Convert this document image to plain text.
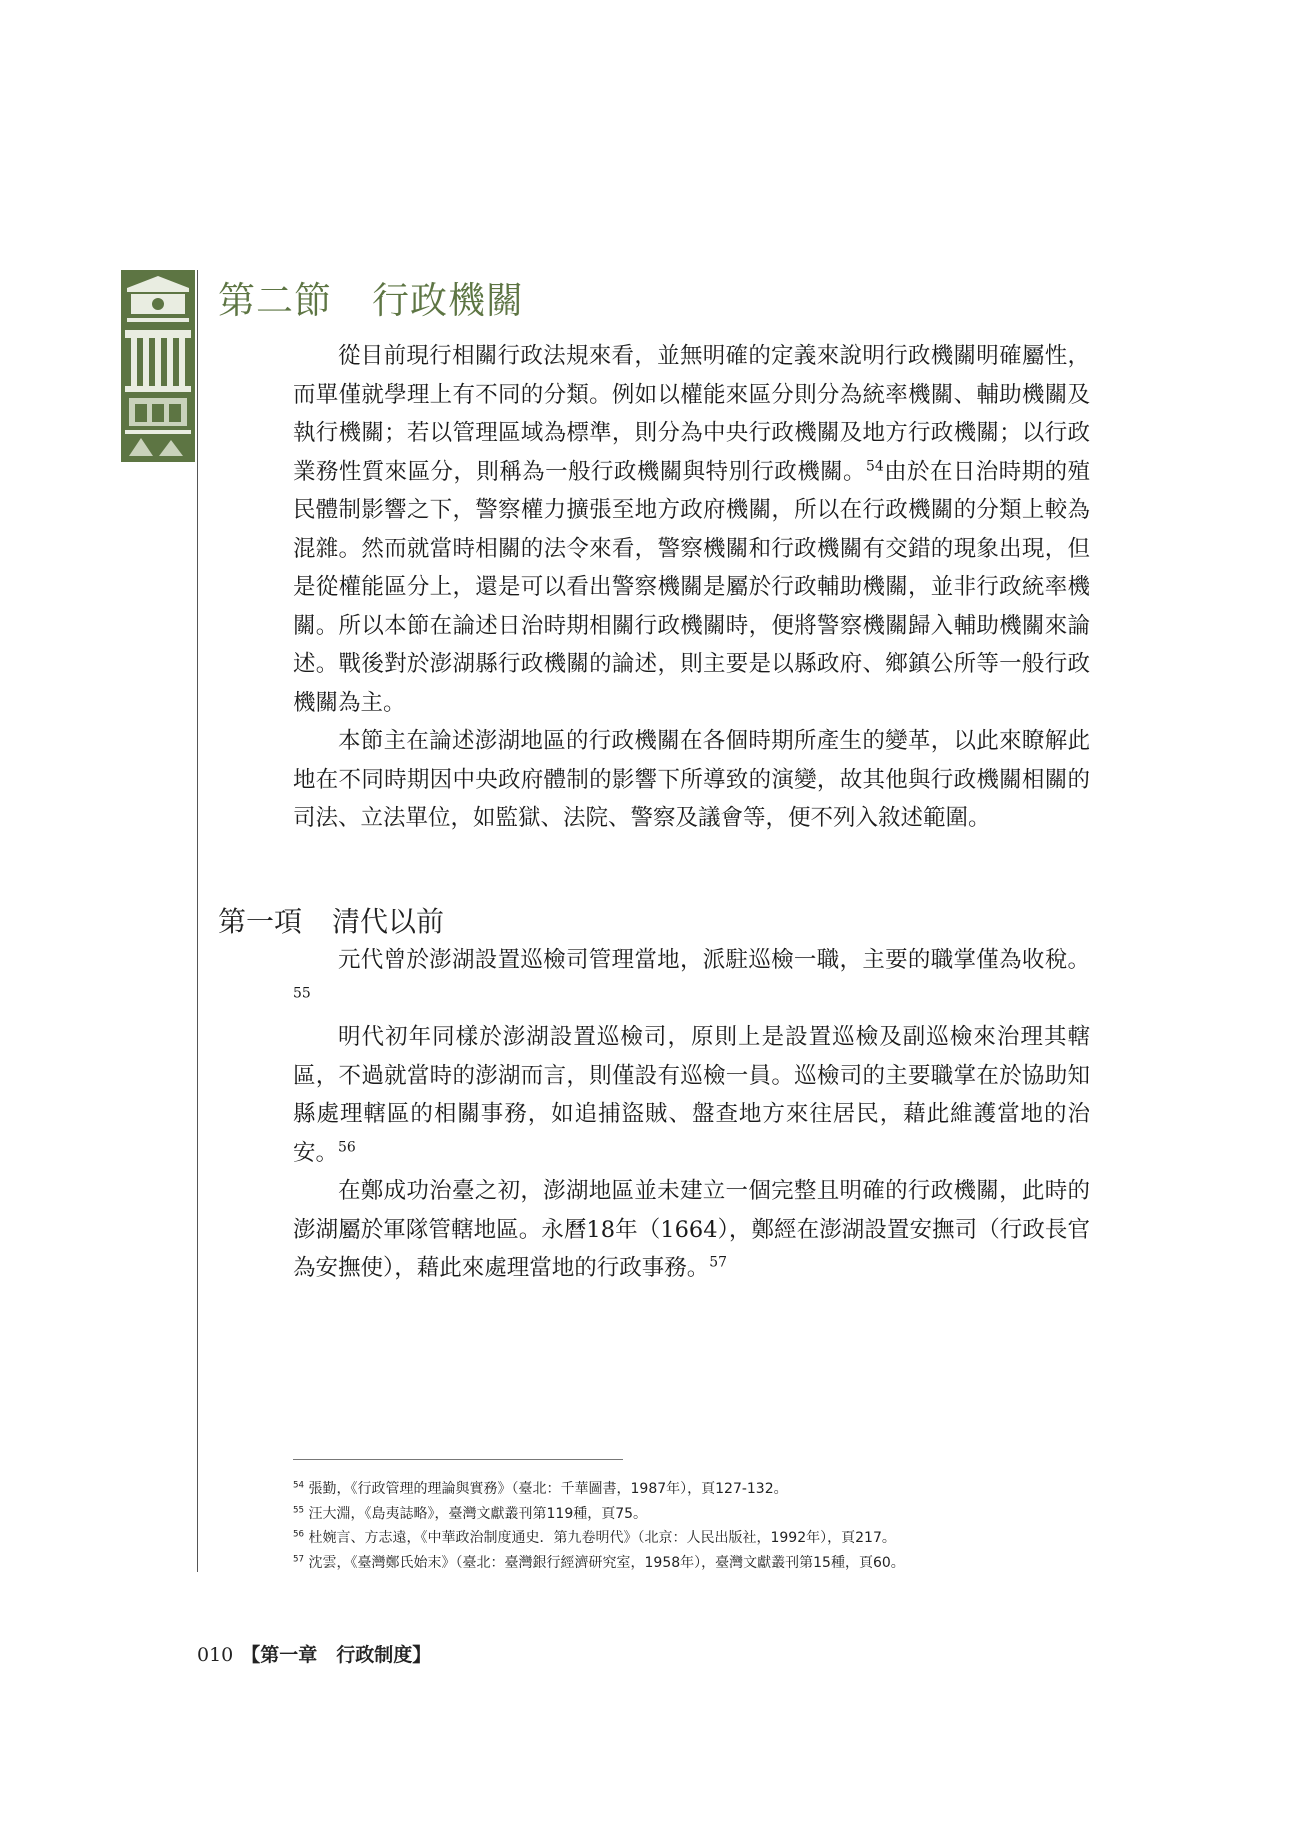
第二節 行政機關

從目前現行相關行政法規來看，並無明確的定義來說明行政機關明確屬性，而單僅就學理上有不同的分類。例如以權能來區分則分為統率機關、輔助機關及執行機關；若以管理區域為標準，則分為中央行政機關及地方行政機關；以行政業務性質來區分，則稱為一般行政機關與特別行政機關。$^{54}$由於在日治時期的殖民體制影響之下，警察權力擴張至地方政府機關，所以在行政機關的分類上較為混雜。然而就當時相關的法令來看，警察機關和行政機關有交錯的現象出現，但是從權能區分上，還是可以看出警察機關是屬於行政輔助機關，並非行政統率機關。所以本節在論述日治時期相關行政機關時，便將警察機關歸入輔助機關來論述。戰後對於澎湖縣行政機關的論述，則主要是以縣政府、鄉鎮公所等一般行政機關為主。

本節主在論述澎湖地區的行政機關在各個時期所產生的變革，以此來瞭解此地在不同時期因中央政府體制的影響下所導致的演變，故其他與行政機關相關的司法、立法單位，如監獄、法院、警察及議會等，便不列入敘述範圍。

第一項 清代以前

元代曾於澎湖設置巡檢司管理當地，派駐巡檢一職，主要的職掌僅為收稅。$^{55}$

明代初年同樣於澎湖設置巡檢司，原則上是設置巡檢及副巡檢來治理其轄區，不過就當時的澎湖而言，則僅設有巡檢一員。巡檢司的主要職掌在於協助知縣處理轄區的相關事務，如追捕盜賊、盤查地方來往居民，藉此維護當地的治安。$^{56}$

在鄭成功治臺之初，澎湖地區並未建立一個完整且明確的行政機關，此時的澎湖屬於軍隊管轄地區。永曆18年（1664），鄭經在澎湖設置安撫司（行政長官為安撫使），藉此來處理當地的行政事務。$^{57}$

$^{54}$ 張勤，《行政管理的理論與實務》（臺北：千華圖書，1987年），頁127-132。
$^{55}$ 汪大淵，《島夷誌略》，臺灣文獻叢刊第119種，頁75。
$^{56}$ 杜婉言、方志遠，《中華政治制度通史．第九卷明代》（北京：人民出版社，1992年），頁217。
$^{57}$ 沈雲，《臺灣鄭氏始末》（臺北：臺灣銀行經濟研究室，1958年），臺灣文獻叢刊第15種，頁60。
010 【第一章　行政制度】
